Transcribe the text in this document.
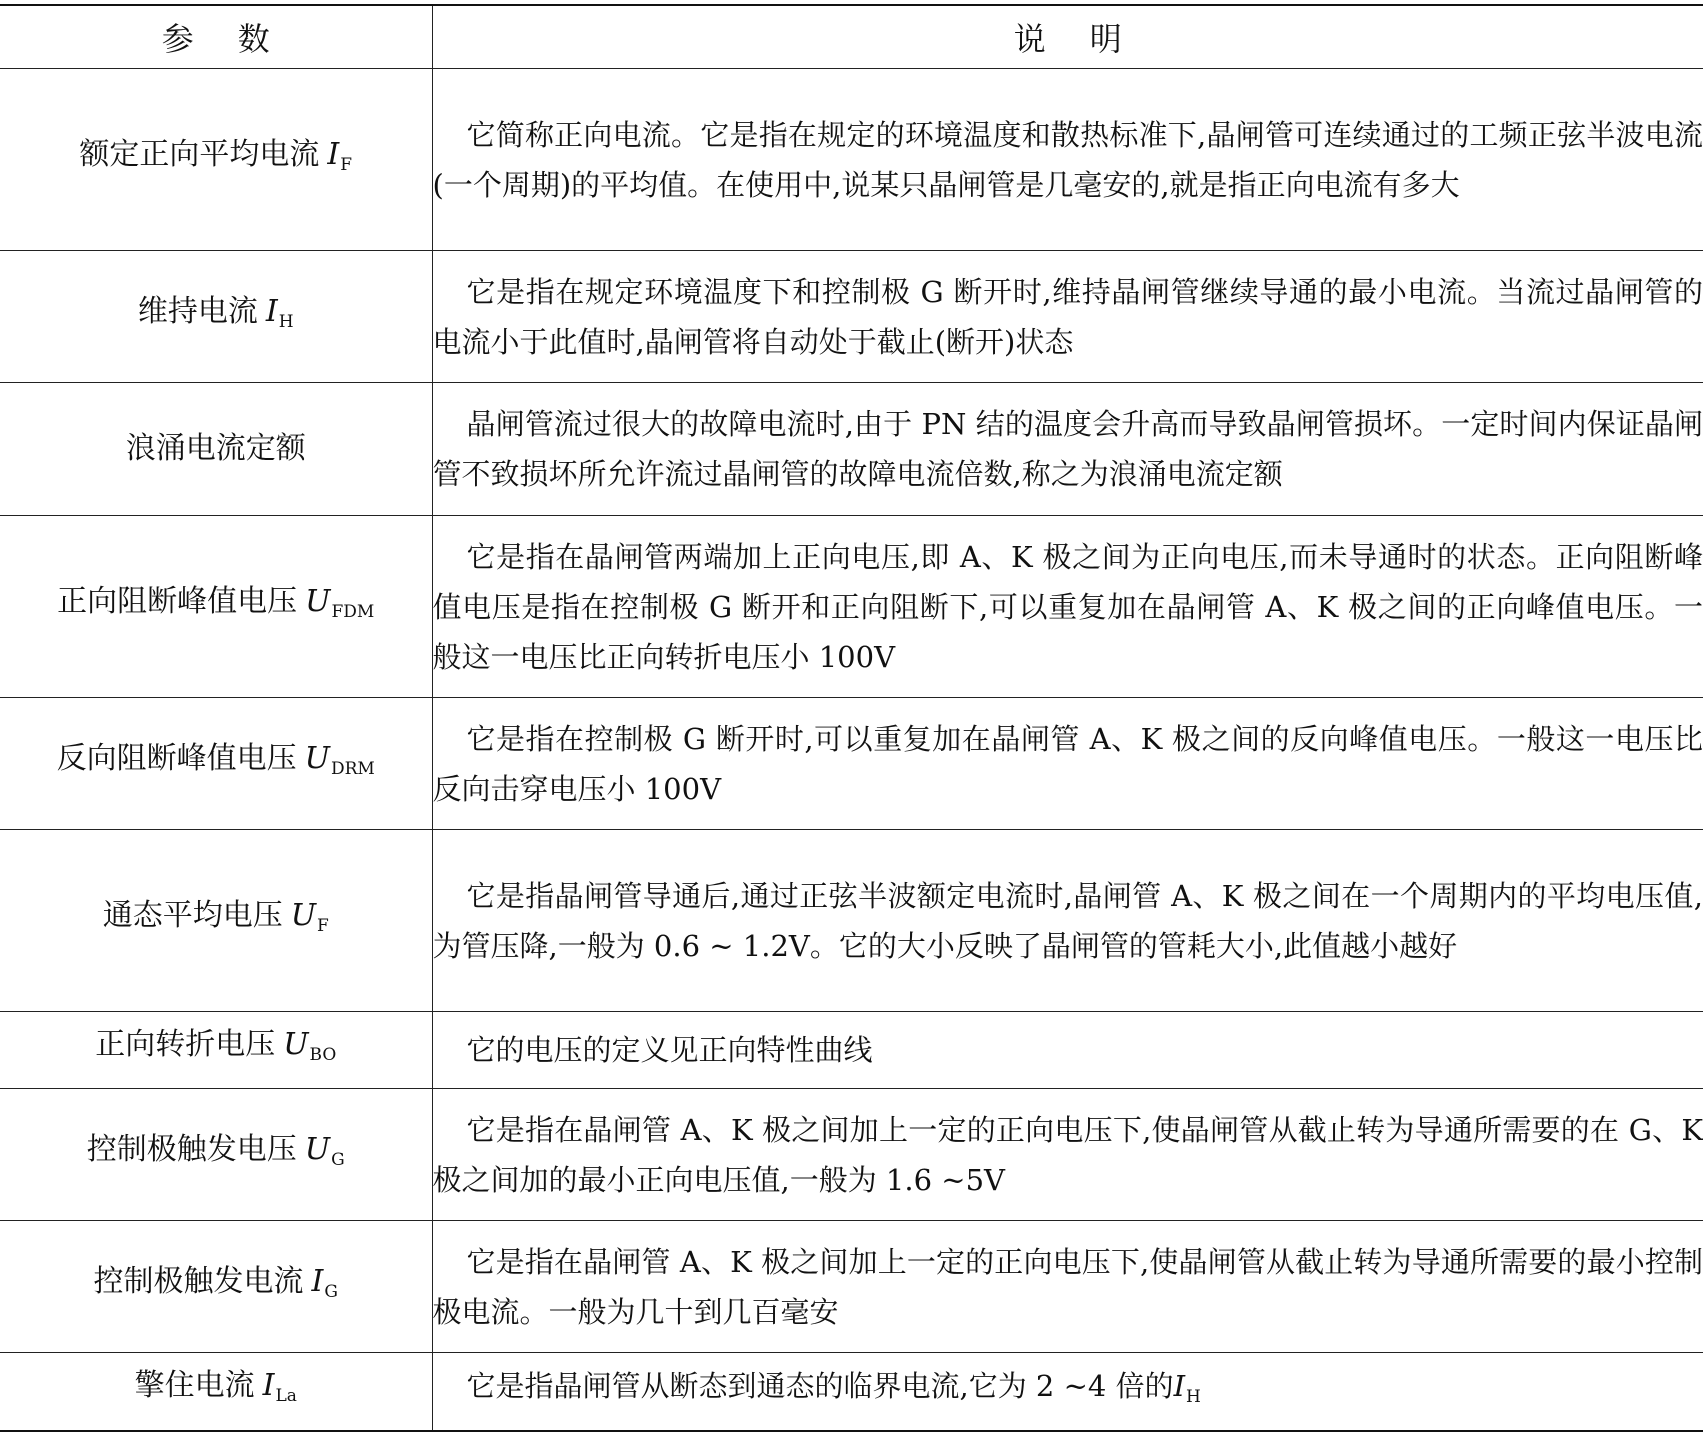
参数	说明
额定正向平均电流 $I_F$	它简称正向电流。它是指在规定的环境温度和散热标准下,晶闸管可连续通过的工频正弦半波电流(一个周期)的平均值。在使用中,说某只晶闸管是几毫安的,就是指正向电流有多大
维持电流 $I_H$	它是指在规定环境温度下和控制极 G 断开时,维持晶闸管继续导通的最小电流。当流过晶闸管的电流小于此值时,晶闸管将自动处于截止(断开)状态
浪涌电流定额	晶闸管流过很大的故障电流时,由于 PN 结的温度会升高而导致晶闸管损坏。一定时间内保证晶闸管不致损坏所允许流过晶闸管的故障电流倍数,称之为浪涌电流定额
正向阻断峰值电压 $U_{FDM}$	它是指在晶闸管两端加上正向电压,即 A、K 极之间为正向电压,而未导通时的状态。正向阻断峰值电压是指在控制极 G 断开和正向阻断下,可以重复加在晶闸管 A、K 极之间的正向峰值电压。一般这一电压比正向转折电压小 100V
反向阻断峰值电压 $U_{DRM}$	它是指在控制极 G 断开时,可以重复加在晶闸管 A、K 极之间的反向峰值电压。一般这一电压比反向击穿电压小 100V
通态平均电压 $U_F$	它是指晶闸管导通后,通过正弦半波额定电流时,晶闸管 A、K 极之间在一个周期内的平均电压值,为管压降,一般为 0.6 ~ 1.2V。它的大小反映了晶闸管的管耗大小,此值越小越好
正向转折电压 $U_{BO}$	它的电压的定义见正向特性曲线
控制极触发电压 $U_G$	它是指在晶闸管 A、K 极之间加上一定的正向电压下,使晶闸管从截止转为导通所需要的在 G、K 极之间加的最小正向电压值,一般为 1.6 ~5V
控制极触发电流 $I_G$	它是指在晶闸管 A、K 极之间加上一定的正向电压下,使晶闸管从截止转为导通所需要的最小控制极电流。一般为几十到几百毫安
擎住电流 $I_{La}$	它是指晶闸管从断态到通态的临界电流,它为 2 ~4 倍的$I_H$
